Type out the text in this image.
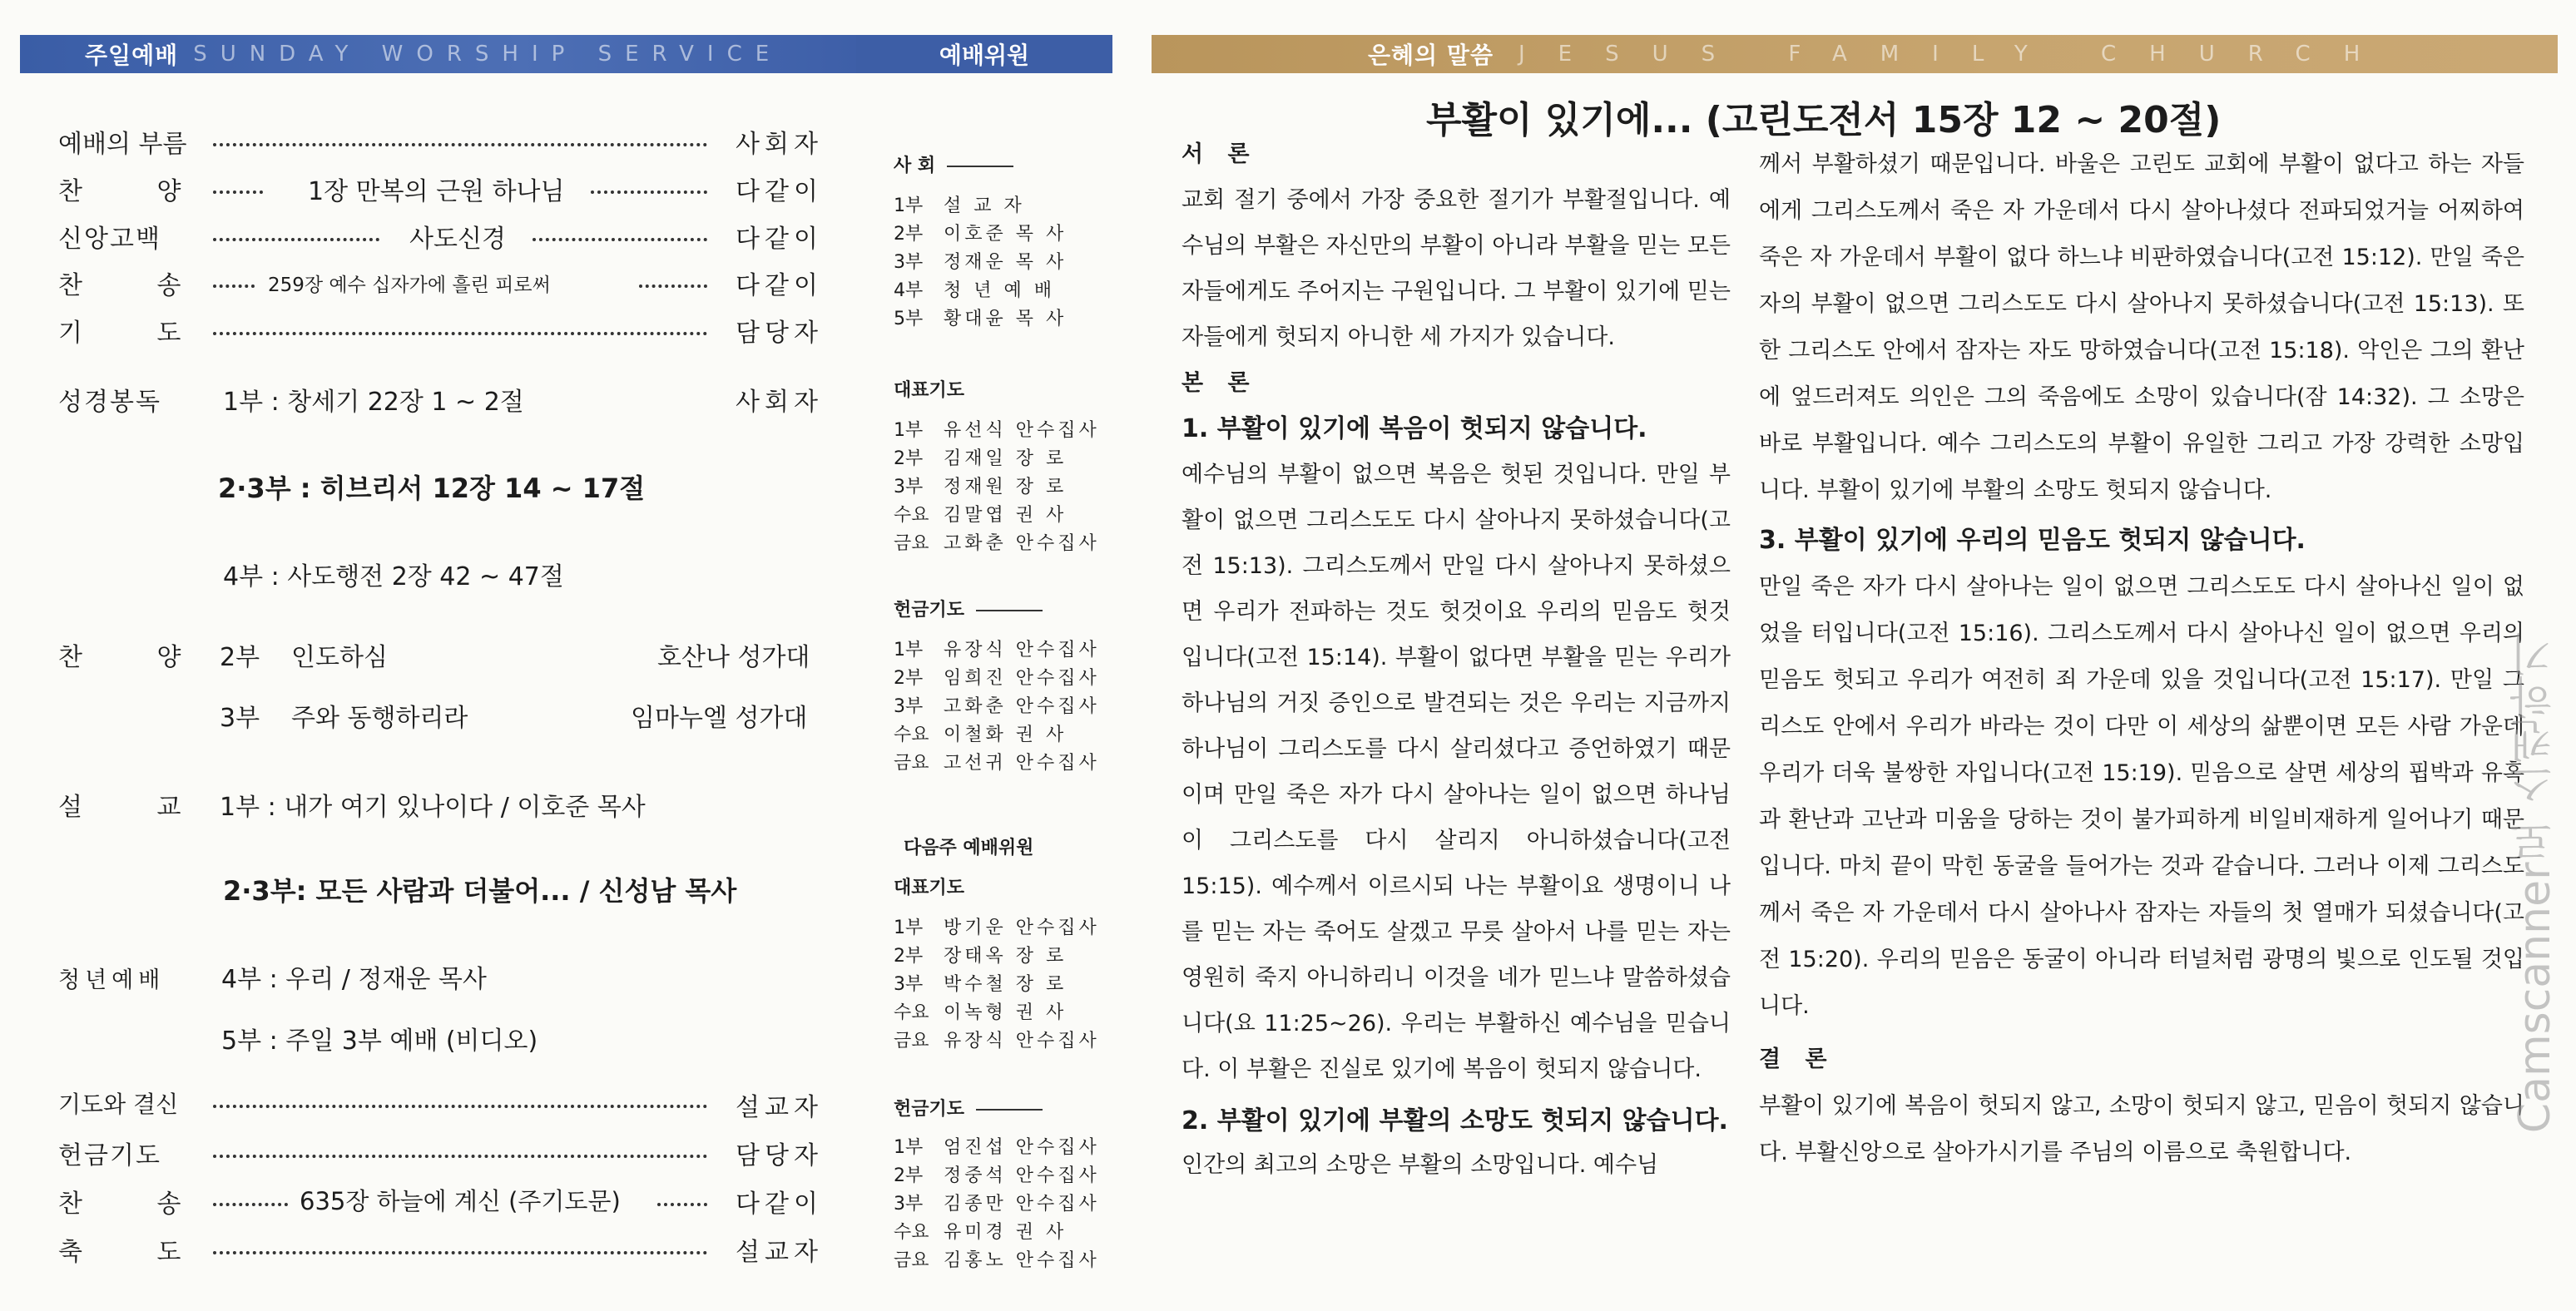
주일예배 SUNDAY WORSHIP SERVICE	예배위원	은혜의 말씀 JESUS FAMILY CHURCH
예배의 부름	사회자
찬 양	1장 만복의 근원 하나님	다같이
신앙고백	사도신경	다같이
찬 송	259장 예수 십자가에 흘린 피로써	다같이
기 도	담당자
성경봉독 1부 : 창세기 22장 1 ~ 2절	사회자
2·3부 : 히브리서 12장 14 ~ 17절
4부 : 사도행전 2장 42 ~ 47절
찬 양 2부 인도하심	호산나 성가대
3부 주와 동행하리라	임마누엘 성가대
설 교 1부 : 내가 여기 있나이다 / 이호준 목사
2·3부: 모든 사람과 더불어... / 신성남 목사
청년예배 4부 : 우리 / 정재운 목사
5부 : 주일 3부 예배 (비디오)
기도와 결신	설교자
헌금기도	담당자
찬 송	635장 하늘에 계신 (주기도문)	다같이
축 도	설교자
사 회
1부 설 교 자
2부 이호준 목 사
3부 정재운 목 사
4부 청 년 예 배
5부 황대윤 목 사
대표기도
1부 유선식 안수집사
2부 김재일 장 로
3부 정재원 장 로
수요 김말엽 권 사
금요 고화춘 안수집사
헌금기도
1부 유장식 안수집사
2부 임희진 안수집사
3부 고화춘 안수집사
수요 이철화 권 사
금요 고선귀 안수집사
다음주 예배위원
대표기도
1부 방기운 안수집사
2부 장태옥 장 로
3부 박수철 장 로
수요 이녹형 권 사
금요 유장식 안수집사
헌금기도
1부 엄진섭 안수집사
2부 정중석 안수집사
3부 김종만 안수집사
수요 유미경 권 사
금요 김홍노 안수집사
부활이 있기에... (고린도전서 15장 12 ~ 20절)

서 론

교회 절기 중에서 가장 중요한 절기가 부활절입니다. 예수님의 부활은 자신만의 부활이 아니라 부활을 믿는 모든 자들에게도 주어지는 구원입니다. 그 부활이 있기에 믿는 자들에게 헛되지 아니한 세 가지가 있습니다.

본 론

1. 부활이 있기에 복음이 헛되지 않습니다.

예수님의 부활이 없으면 복음은 헛된 것입니다. 만일 부활이 없으면 그리스도도 다시 살아나지 못하셨습니다(고전 15:13). 그리스도께서 만일 다시 살아나지 못하셨으면 우리가 전파하는 것도 헛것이요 우리의 믿음도 헛것 입니다(고전 15:14). 부활이 없다면 부활을 믿는 우리가 하나님의 거짓 증인으로 발견되는 것은 우리는 지금까지 하나님이 그리스도를 다시 살리셨다고 증언하였기 때문이며 만일 죽은 자가 다시 살아나는 일이 없으면 하나님이 그리스도를 다시 살리지 아니하셨습니다(고전 15:15). 예수께서 이르시되 나는 부활이요 생명이니 나를 믿는 자는 죽어도 살겠고 무릇 살아서 나를 믿는 자는 영원히 죽지 아니하리니 이것을 네가 믿느냐 말씀하셨습니다(요 11:25~26). 우리는 부활하신 예수님을 믿습니다. 이 부활은 진실로 있기에 복음이 헛되지 않습니다.

2. 부활이 있기에 부활의 소망도 헛되지 않습니다.

인간의 최고의 소망은 부활의 소망입니다. 예수님

께서 부활하셨기 때문입니다. 바울은 고린도 교회에 부활이 없다고 하는 자들에게 그리스도께서 죽은 자 가운데서 다시 살아나셨다 전파되었거늘 어찌하여 죽은 자 가운데서 부활이 없다 하느냐 비판하였습니다(고전 15:12). 만일 죽은 자의 부활이 없으면 그리스도도 다시 살아나지 못하셨습니다(고전 15:13). 또한 그리스도 안에서 잠자는 자도 망하였습니다(고전 15:18). 악인은 그의 환난에 엎드러져도 의인은 그의 죽음에도 소망이 있습니다(잠 14:32). 그 소망은 바로 부활입니다. 예수 그리스도의 부활이 유일한 그리고 가장 강력한 소망입니다. 부활이 있기에 부활의 소망도 헛되지 않습니다.

3. 부활이 있기에 우리의 믿음도 헛되지 않습니다.

만일 죽은 자가 다시 살아나는 일이 없으면 그리스도도 다시 살아나신 일이 없었을 터입니다(고전 15:16). 그리스도께서 다시 살아나신 일이 없으면 우리의 믿음도 헛되고 우리가 여전히 죄 가운데 있을 것입니다(고전 15:17). 만일 그리스도 안에서 우리가 바라는 것이 다만 이 세상의 삶뿐이면 모든 사람 가운데 우리가 더욱 불쌍한 자입니다(고전 15:19). 믿음으로 살면 세상의 핍박과 유혹과 환난과 고난과 미움을 당하는 것이 불가피하게 비일비재하게 일어나기 때문입니다. 마치 끝이 막힌 동굴을 들어가는 것과 같습니다. 그러나 이제 그리스도께서 죽은 자 가운데서 다시 살아나사 잠자는 자들의 첫 열매가 되셨습니다(고전 15:20). 우리의 믿음은 동굴이 아니라 터널처럼 광명의 빛으로 인도될 것입니다.

결 론

부활이 있기에 복음이 헛되지 않고, 소망이 헛되지 않고, 믿음이 헛되지 않습니다. 부활신앙으로 살아가시기를 주님의 이름으로 축원합니다.

Camscanner로 스캔하기
